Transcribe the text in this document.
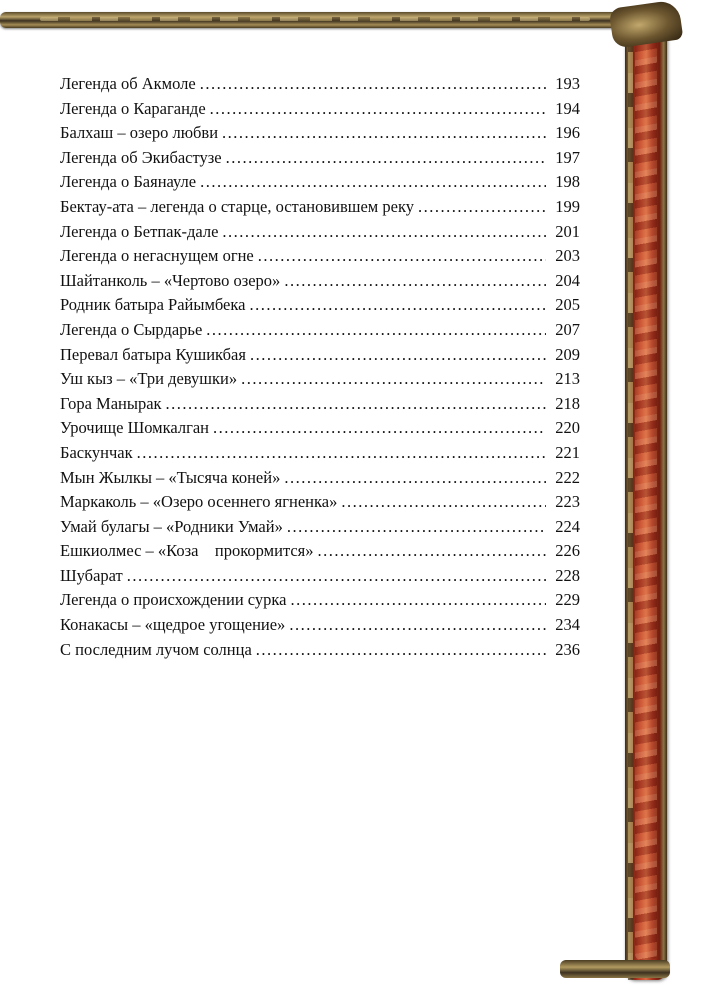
Легенда об Акмоле .....	193
Легенда о Караганде .....	194
Балхаш – озеро любви .....	196
Легенда об Экибастузе .....	197
Легенда о Баянауле .....	198
Бектау-ата – легенда о старце, остановившем реку .....	199
Легенда о Бетпак-дале .....	201
Легенда о негаснущем огне .....	203
Шайтанколь – «Чертово озеро» .....	204
Родник батыра Райымбека .....	205
Легенда о Сырдарье .....	207
Перевал батыра Кушикбая .....	209
Уш кыз – «Три девушки» .....	213
Гора Манырак .....	218
Урочище Шомкалган .....	220
Баскунчак .....	221
Мын Жылкы – «Тысяча коней» .....	222
Маркаколь – «Озеро осеннего ягненка» .....	223
Умай булагы – «Родники Умай» .....	224
Ешкиолмес – «Коза    прокормится» .....	226
Шубарат .....	228
Легенда о происхождении сурка .....	229
Конакасы – «щедрое угощение» .....	234
С последним лучом солнца .....	236
